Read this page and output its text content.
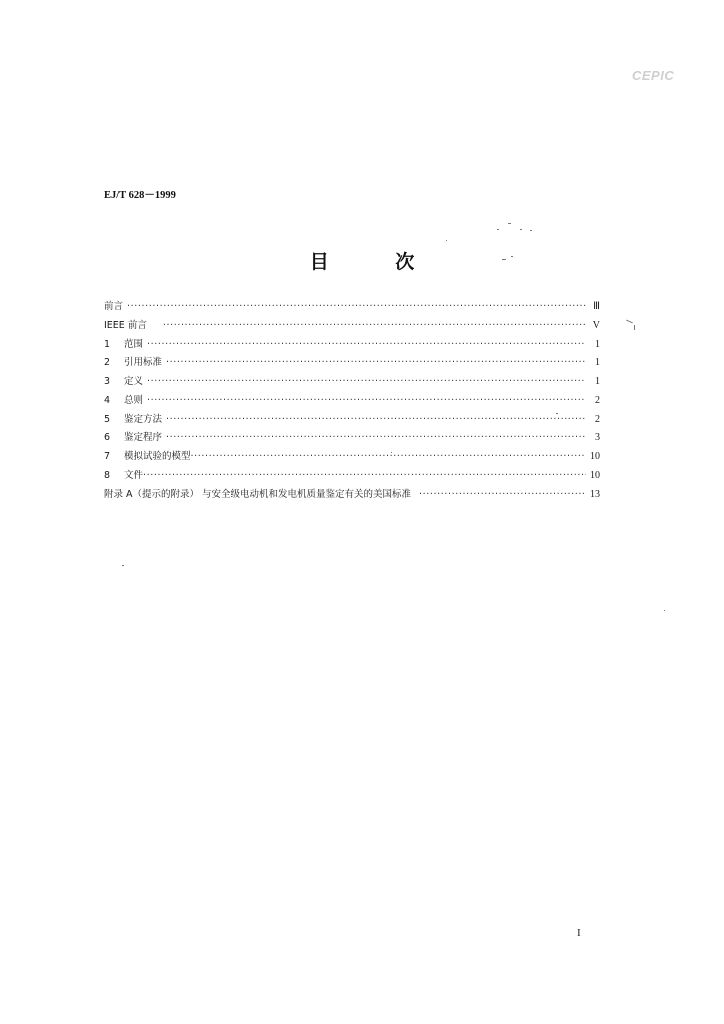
CEPIC
EJ/T 628－1999
目 次
前言 ·····	Ⅲ
IEEE 前言 ·····	V
1	范围 ·····	1
2	引用标准 ·····	1
3	定义 ·····	1
4	总则 ·····	2
5	鉴定方法 ·····	2
6	鉴定程序 ·····	3
7	模拟试验的模型 ·····	10
8	文件 ·····	10
附录 A（提示的附录） 与安全级电动机和发电机质量鉴定有关的美国标准 ·····	13
I
